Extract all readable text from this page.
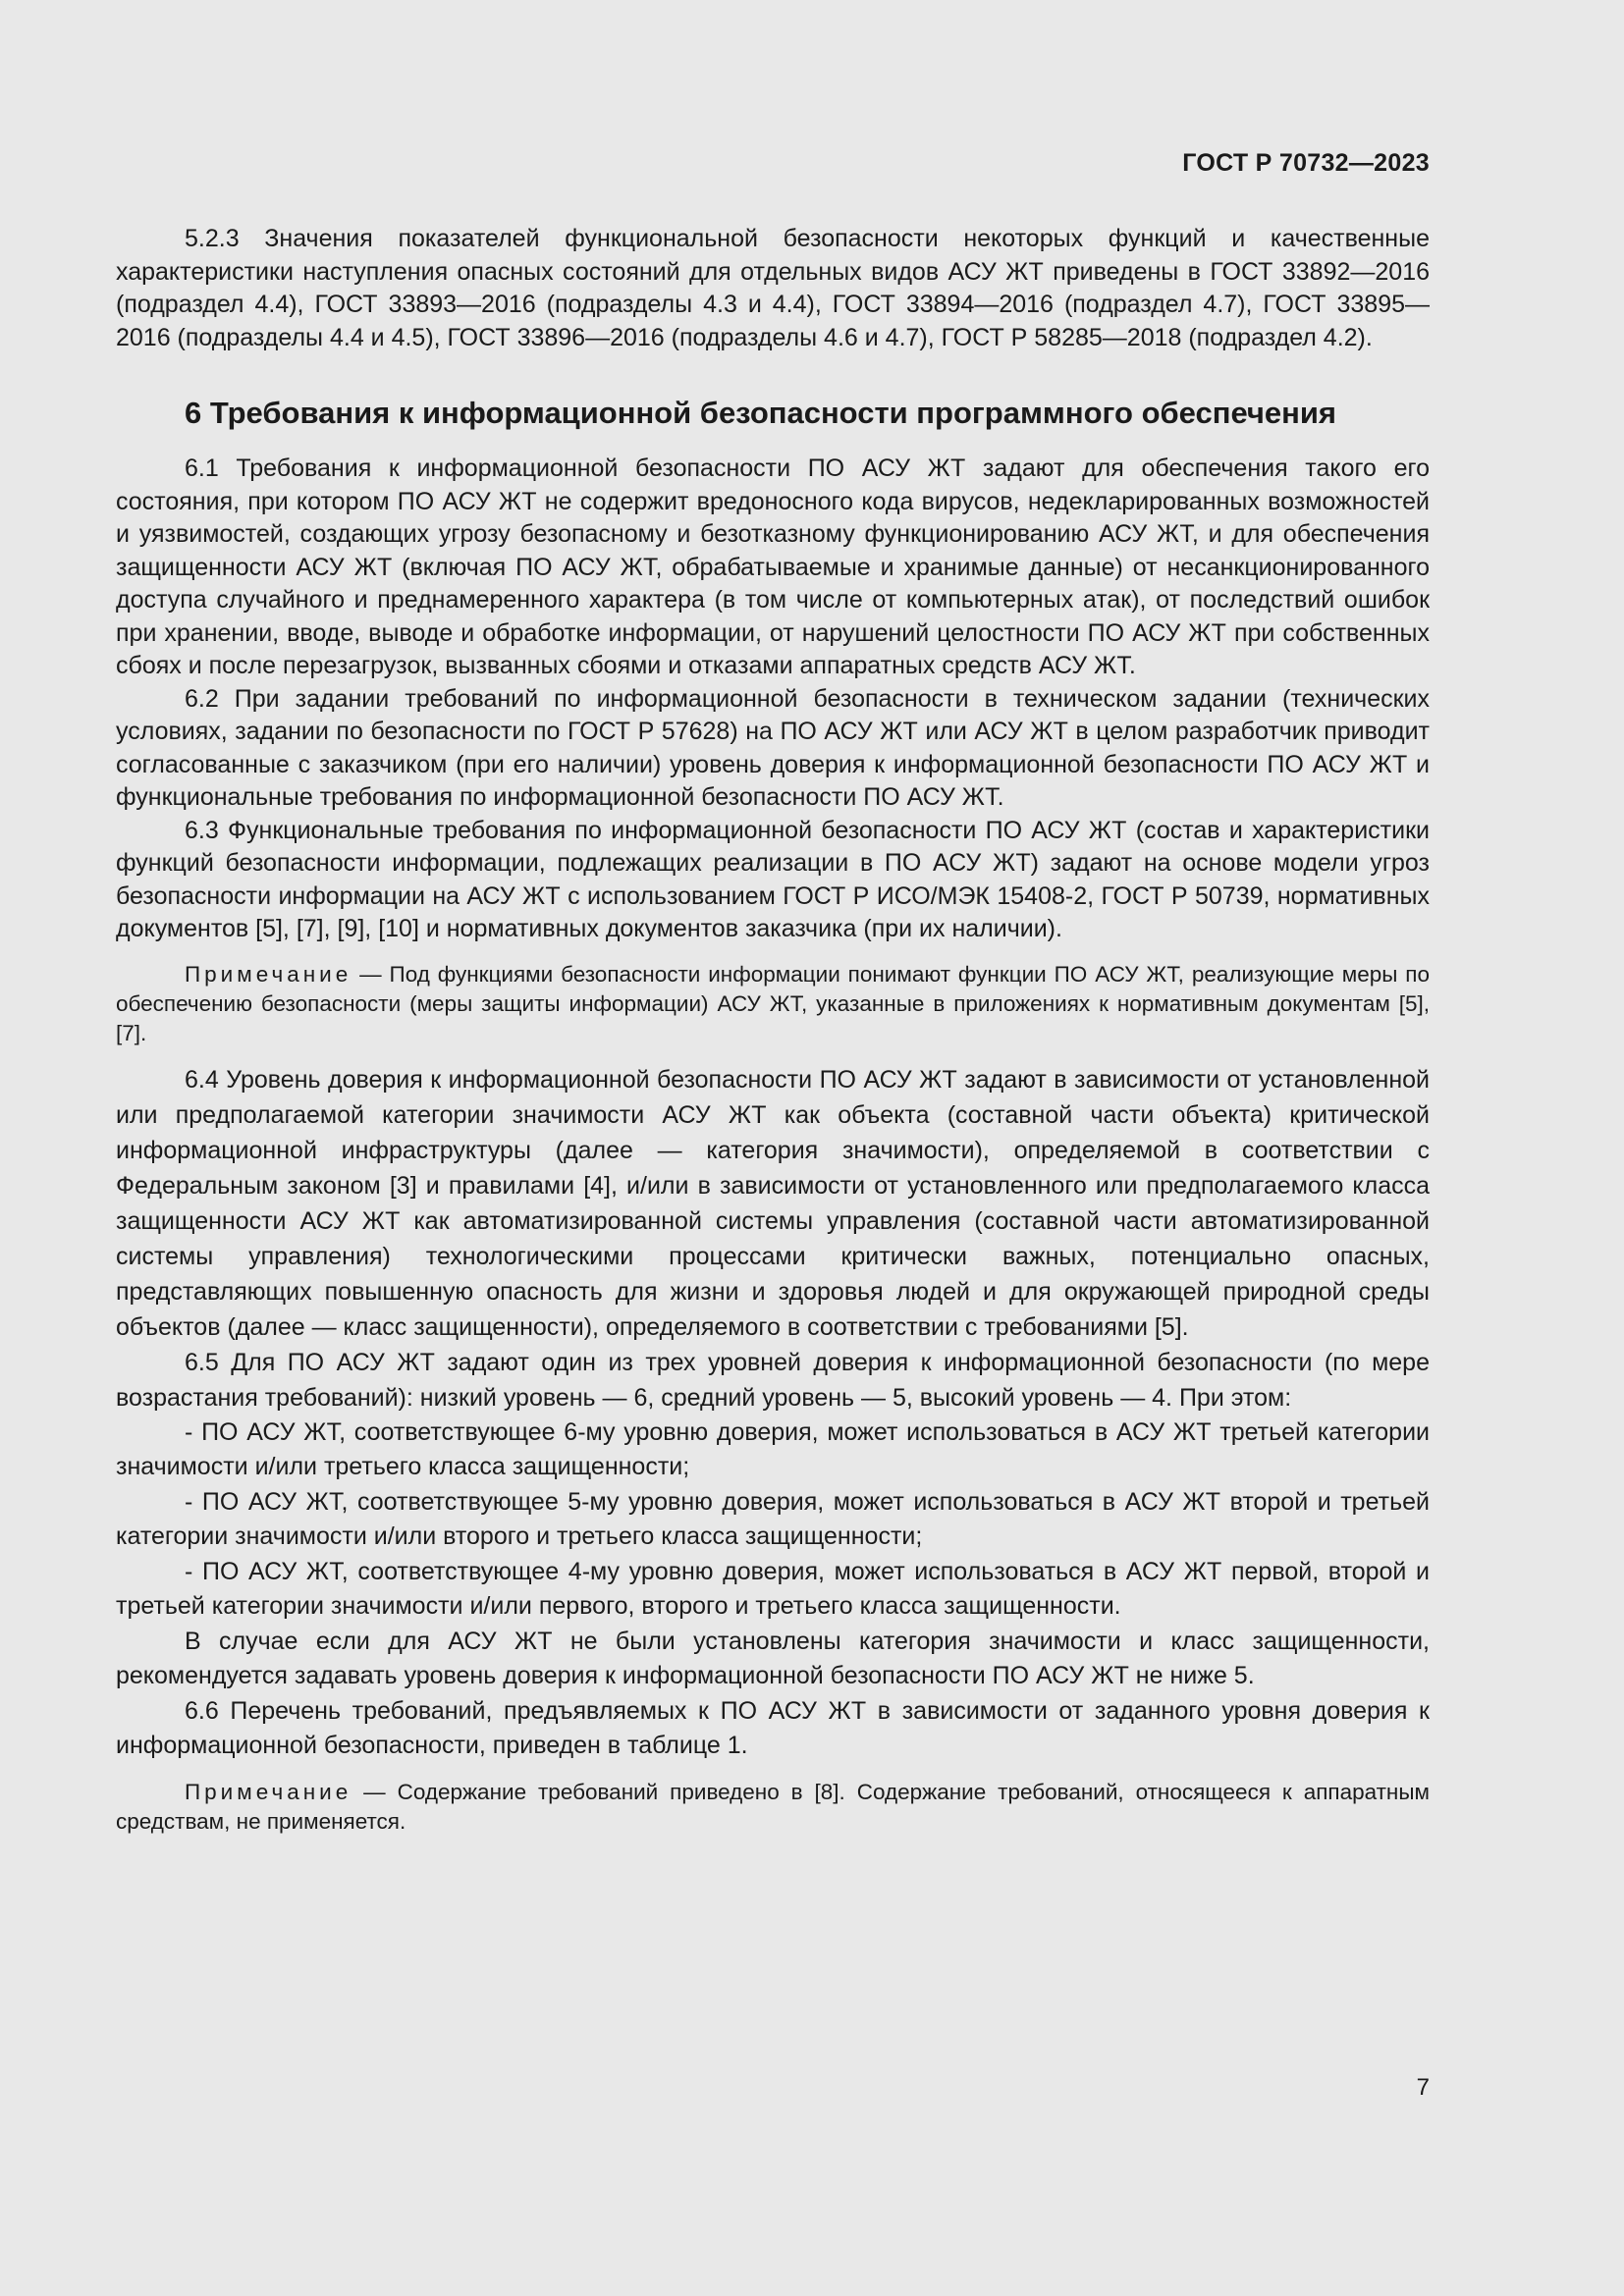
ГОСТ Р 70732—2023

5.2.3 Значения показателей функциональной безопасности некоторых функций и качественные характеристики наступления опасных состояний для отдельных видов АСУ ЖТ приведены в ГОСТ 33892—2016 (подраздел 4.4), ГОСТ 33893—2016 (подразделы 4.3 и 4.4), ГОСТ 33894—2016 (подраздел 4.7), ГОСТ 33895—2016 (подразделы 4.4 и 4.5), ГОСТ 33896—2016 (подразделы 4.6 и 4.7), ГОСТ Р 58285—2018 (подраздел 4.2).

6 Требования к информационной безопасности программного обеспечения

6.1 Требования к информационной безопасности ПО АСУ ЖТ задают для обеспечения такого его состояния, при котором ПО АСУ ЖТ не содержит вредоносного кода вирусов, недекларированных возможностей и уязвимостей, создающих угрозу безопасному и безотказному функционированию АСУ ЖТ, и для обеспечения защищенности АСУ ЖТ (включая ПО АСУ ЖТ, обрабатываемые и хранимые данные) от несанкционированного доступа случайного и преднамеренного характера (в том числе от компьютерных атак), от последствий ошибок при хранении, вводе, выводе и обработке информации, от нарушений целостности ПО АСУ ЖТ при собственных сбоях и после перезагрузок, вызванных сбоями и отказами аппаратных средств АСУ ЖТ.

6.2 При задании требований по информационной безопасности в техническом задании (технических условиях, задании по безопасности по ГОСТ Р 57628) на ПО АСУ ЖТ или АСУ ЖТ в целом разработчик приводит согласованные с заказчиком (при его наличии) уровень доверия к информационной безопасности ПО АСУ ЖТ и функциональные требования по информационной безопасности ПО АСУ ЖТ.

6.3 Функциональные требования по информационной безопасности ПО АСУ ЖТ (состав и характеристики функций безопасности информации, подлежащих реализации в ПО АСУ ЖТ) задают на основе модели угроз безопасности информации на АСУ ЖТ с использованием ГОСТ Р ИСО/МЭК 15408-2, ГОСТ Р 50739, нормативных документов [5], [7], [9], [10] и нормативных документов заказчика (при их наличии).

Примечание — Под функциями безопасности информации понимают функции ПО АСУ ЖТ, реализующие меры по обеспечению безопасности (меры защиты информации) АСУ ЖТ, указанные в приложениях к нормативным документам [5], [7].

6.4 Уровень доверия к информационной безопасности ПО АСУ ЖТ задают в зависимости от установленной или предполагаемой категории значимости АСУ ЖТ как объекта (составной части объекта) критической информационной инфраструктуры (далее — категория значимости), определяемой в соответствии с Федеральным законом [3] и правилами [4], и/или в зависимости от установленного или предполагаемого класса защищенности АСУ ЖТ как автоматизированной системы управления (составной части автоматизированной системы управления) технологическими процессами критически важных, потенциально опасных, представляющих повышенную опасность для жизни и здоровья людей и для окружающей природной среды объектов (далее — класс защищенности), определяемого в соответствии с требованиями [5].

6.5 Для ПО АСУ ЖТ задают один из трех уровней доверия к информационной безопасности (по мере возрастания требований): низкий уровень — 6, средний уровень — 5, высокий уровень — 4. При этом:

- ПО АСУ ЖТ, соответствующее 6-му уровню доверия, может использоваться в АСУ ЖТ третьей категории значимости и/или третьего класса защищенности;

- ПО АСУ ЖТ, соответствующее 5-му уровню доверия, может использоваться в АСУ ЖТ второй и третьей категории значимости и/или второго и третьего класса защищенности;

- ПО АСУ ЖТ, соответствующее 4-му уровню доверия, может использоваться в АСУ ЖТ первой, второй и третьей категории значимости и/или первого, второго и третьего класса защищенности.

В случае если для АСУ ЖТ не были установлены категория значимости и класс защищенности, рекомендуется задавать уровень доверия к информационной безопасности ПО АСУ ЖТ не ниже 5.

6.6 Перечень требований, предъявляемых к ПО АСУ ЖТ в зависимости от заданного уровня доверия к информационной безопасности, приведен в таблице 1.

Примечание — Содержание требований приведено в [8]. Содержание требований, относящееся к аппаратным средствам, не применяется.

7
